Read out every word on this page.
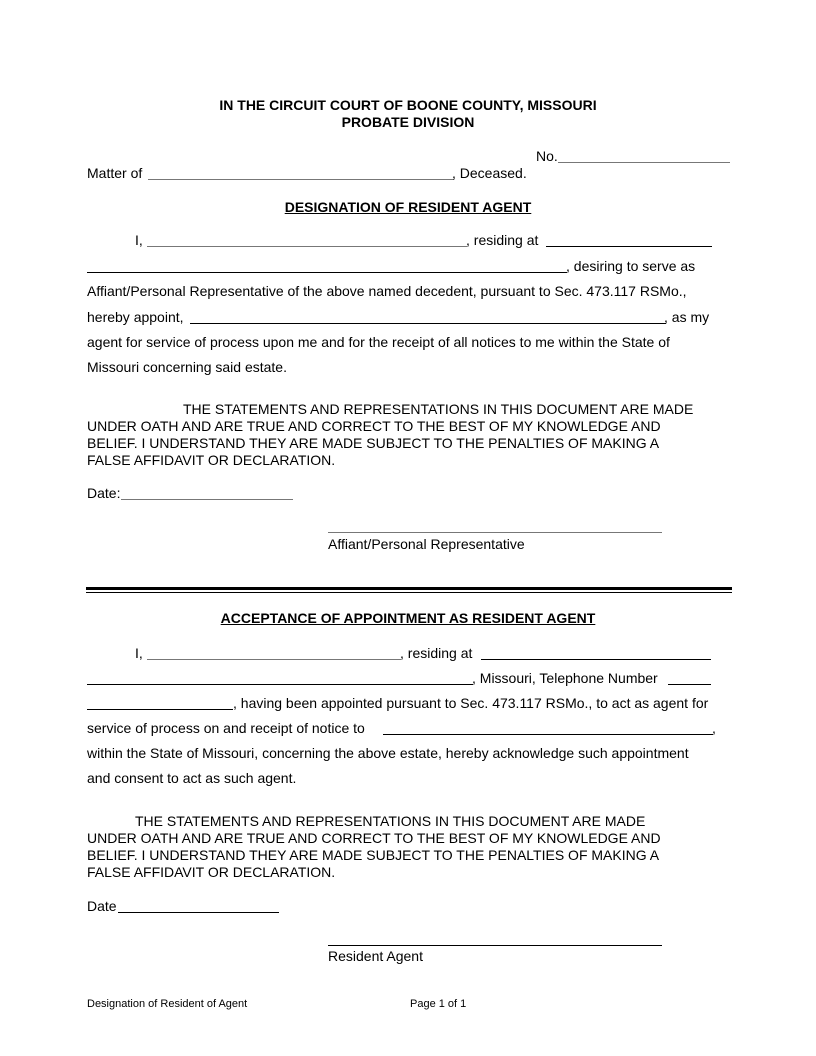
IN THE CIRCUIT COURT OF BOONE COUNTY, MISSOURI
PROBATE DIVISION
No.
Matter of	, Deceased.
DESIGNATION OF RESIDENT AGENT
I,	, residing at
, desiring to serve as
Affiant/Personal Representative of the above named decedent, pursuant to Sec. 473.117 RSMo.,
hereby appoint,	, as my
agent for service of process upon me and for the receipt of all notices to me within the State of
Missouri concerning said estate.
THE STATEMENTS AND REPRESENTATIONS IN THIS DOCUMENT ARE MADE
UNDER OATH AND ARE TRUE AND CORRECT TO THE BEST OF MY KNOWLEDGE AND
BELIEF. I UNDERSTAND THEY ARE MADE SUBJECT TO THE PENALTIES OF MAKING A
FALSE AFFIDAVIT OR DECLARATION.
Date:
Affiant/Personal Representative
ACCEPTANCE OF APPOINTMENT AS RESIDENT AGENT
I,	, residing at
, Missouri, Telephone Number
, having been appointed pursuant to Sec. 473.117 RSMo., to act as agent for
service of process on and receipt of notice to	,
within the State of Missouri, concerning the above estate, hereby acknowledge such appointment
and consent to act as such agent.
THE STATEMENTS AND REPRESENTATIONS IN THIS DOCUMENT ARE MADE
UNDER OATH AND ARE TRUE AND CORRECT TO THE BEST OF MY KNOWLEDGE AND
BELIEF. I UNDERSTAND THEY ARE MADE SUBJECT TO THE PENALTIES OF MAKING A
FALSE AFFIDAVIT OR DECLARATION.
Date
Resident Agent
Designation of Resident of Agent	Page 1 of 1
